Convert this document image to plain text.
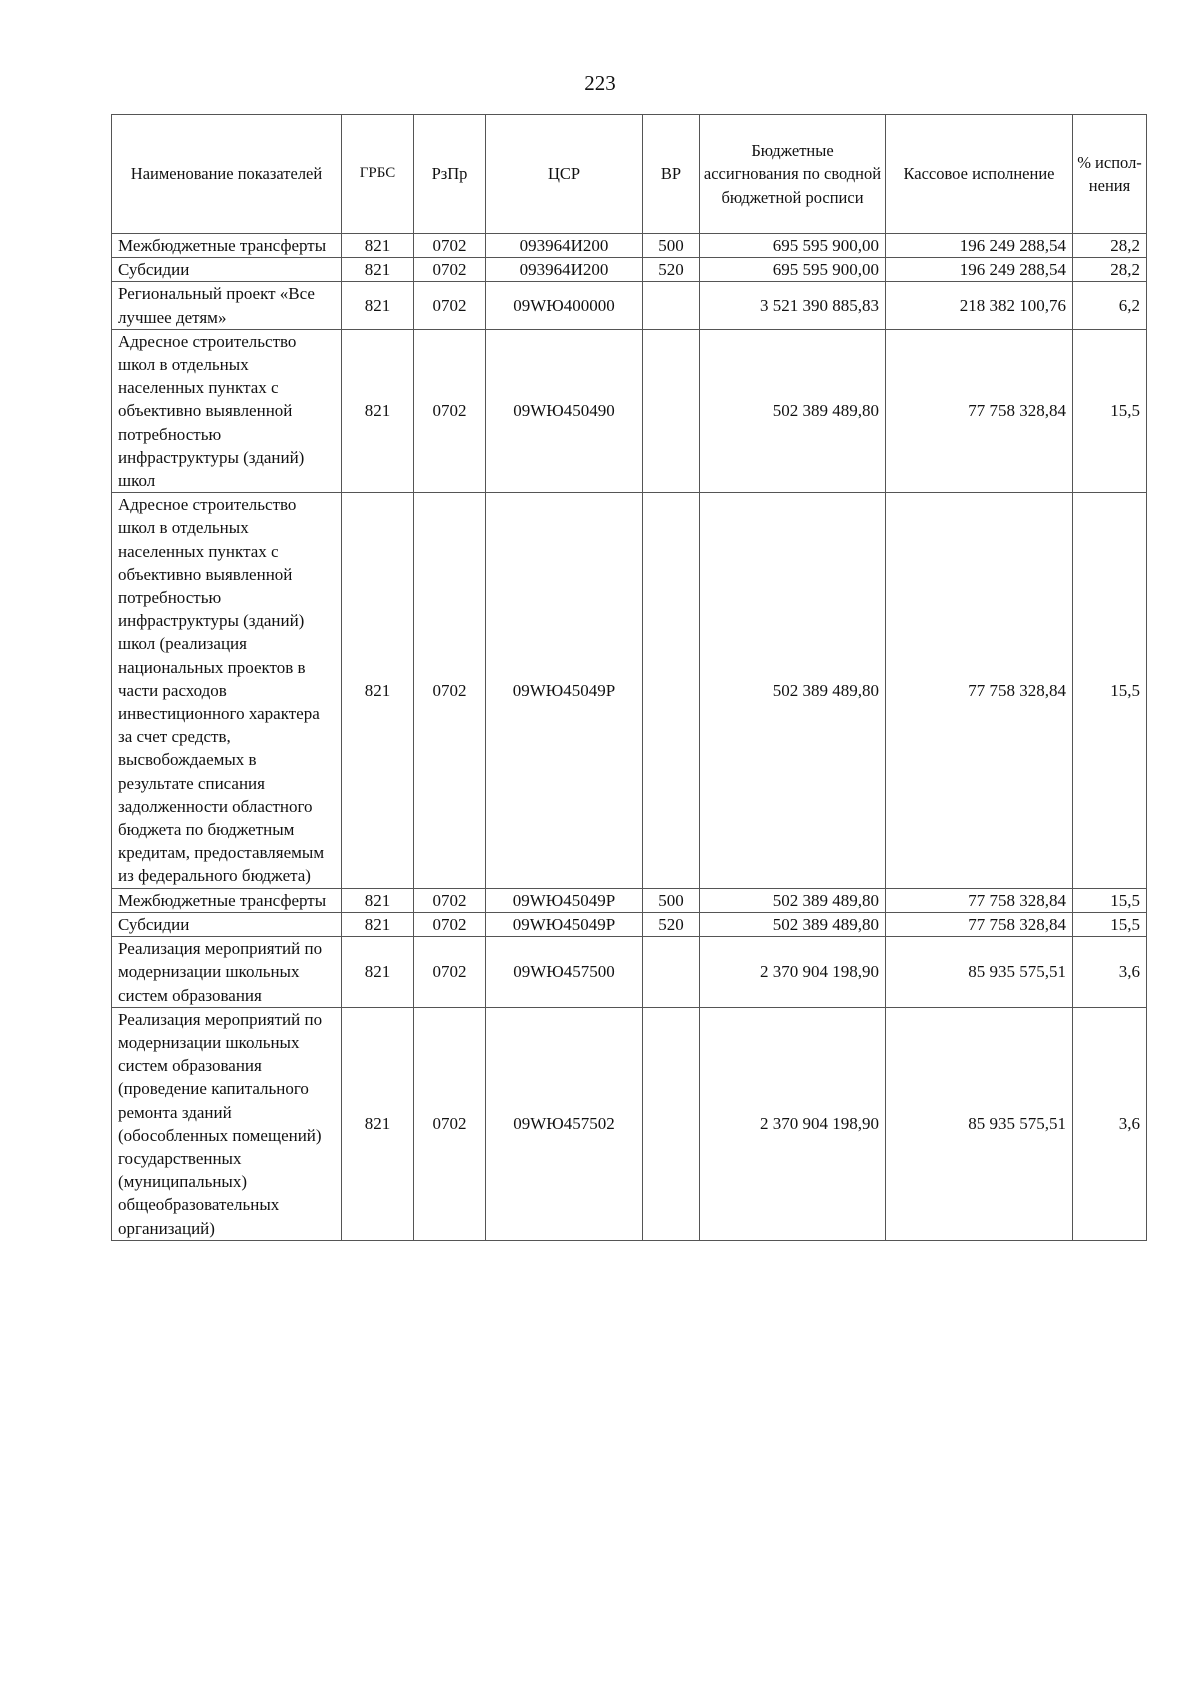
223
Наименование показателей	ГРБС	РзПр	ЦСР	ВР	Бюджетные ассигнования по сводной бюджетной росписи	Кассовое исполнение	% испол-нения
Межбюджетные трансферты	821	0702	093964И200	500	695 595 900,00	196 249 288,54	28,2
Субсидии	821	0702	093964И200	520	695 595 900,00	196 249 288,54	28,2
Региональный проект «Все лучшее детям»	821	0702	09WЮ400000		3 521 390 885,83	218 382 100,76	6,2
Адресное строительство школ в отдельных населенных пунктах с объективно выявленной потребностью инфраструктуры (зданий) школ	821	0702	09WЮ450490		502 389 489,80	77 758 328,84	15,5
Адресное строительство школ в отдельных населенных пунктах с объективно выявленной потребностью инфраструктуры (зданий) школ (реализация национальных проектов в части расходов инвестиционного характера за счет средств, высвобождаемых в результате списания задолженности областного бюджета по бюджетным кредитам, предоставляемым из федерального бюджета)	821	0702	09WЮ45049Р		502 389 489,80	77 758 328,84	15,5
Межбюджетные трансферты	821	0702	09WЮ45049Р	500	502 389 489,80	77 758 328,84	15,5
Субсидии	821	0702	09WЮ45049Р	520	502 389 489,80	77 758 328,84	15,5
Реализация мероприятий по модернизации школьных систем образования	821	0702	09WЮ457500		2 370 904 198,90	85 935 575,51	3,6
Реализация мероприятий по модернизации школьных систем образования (проведение капитального ремонта зданий (обособленных помещений) государственных (муниципальных) общеобразовательных организаций)	821	0702	09WЮ457502		2 370 904 198,90	85 935 575,51	3,6
